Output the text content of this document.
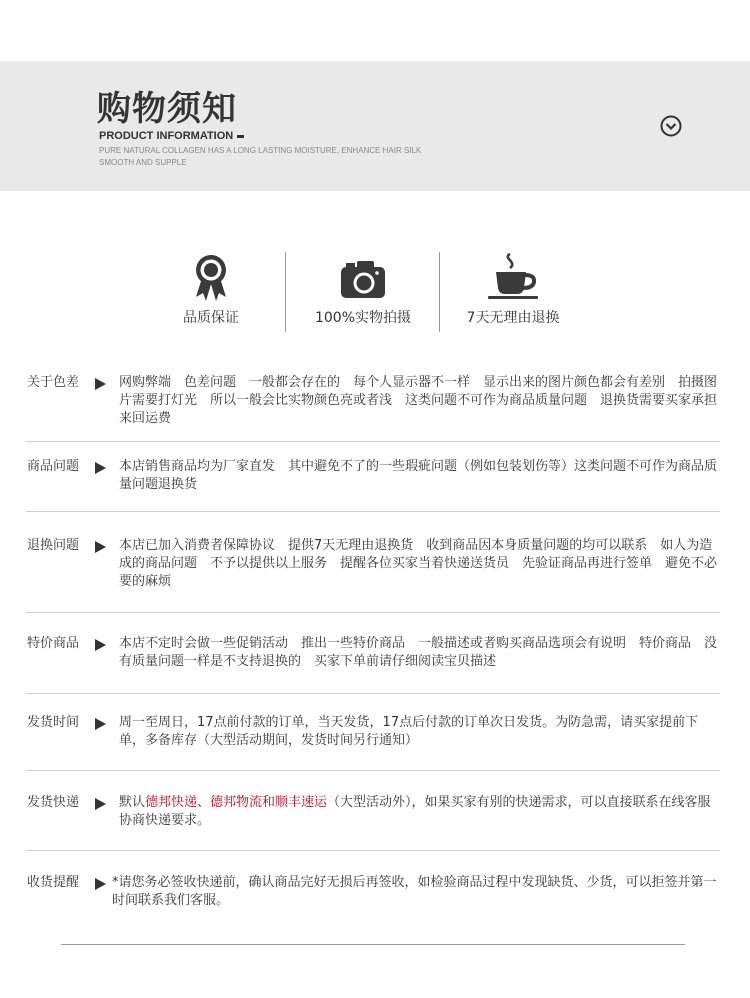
购物须知
PRODUCT INFORMATION
PURE NATURAL COLLAGEN HAS A LONG LASTING MOISTURE, ENHANCE HAIR SILK
SMOOTH AND SUPPLE
品质保证	100%实物拍摄	7天无理由退换
关于色差	网购弊端　色差问题　一般都会存在的　每个人显示器不一样　显示出来的图片颜色都会有差别　拍摄图片需要打灯光　所以一般会比实物颜色亮或者浅　这类问题不可作为商品质量问题　退换货需要买家承担来回运费
商品问题	本店销售商品均为厂家直发　其中避免不了的一些瑕疵问题（例如包装划伤等）这类问题不可作为商品质量问题退换货
退换问题	本店已加入消费者保障协议　提供7天无理由退换货　收到商品因本身质量问题的均可以联系　如人为造成的商品问题　不予以提供以上服务　提醒各位买家当着快递送货员　先验证商品再进行签单　避免不必要的麻烦
特价商品	本店不定时会做一些促销活动　推出一些特价商品　一般描述或者购买商品选项会有说明　特价商品　没有质量问题一样是不支持退换的　买家下单前请仔细阅读宝贝描述
发货时间	周一至周日，17点前付款的订单，当天发货，17点后付款的订单次日发货。为防急需，请买家提前下单，多备库存（大型活动期间，发货时间另行通知）
发货快递	默认德邦快递、德邦物流和顺丰速运（大型活动外），如果买家有别的快递需求，可以直接联系在线客服协商快递要求。
收货提醒	*请您务必签收快递前，确认商品完好无损后再签收，如检验商品过程中发现缺货、少货，可以拒签并第一时间联系我们客服。
